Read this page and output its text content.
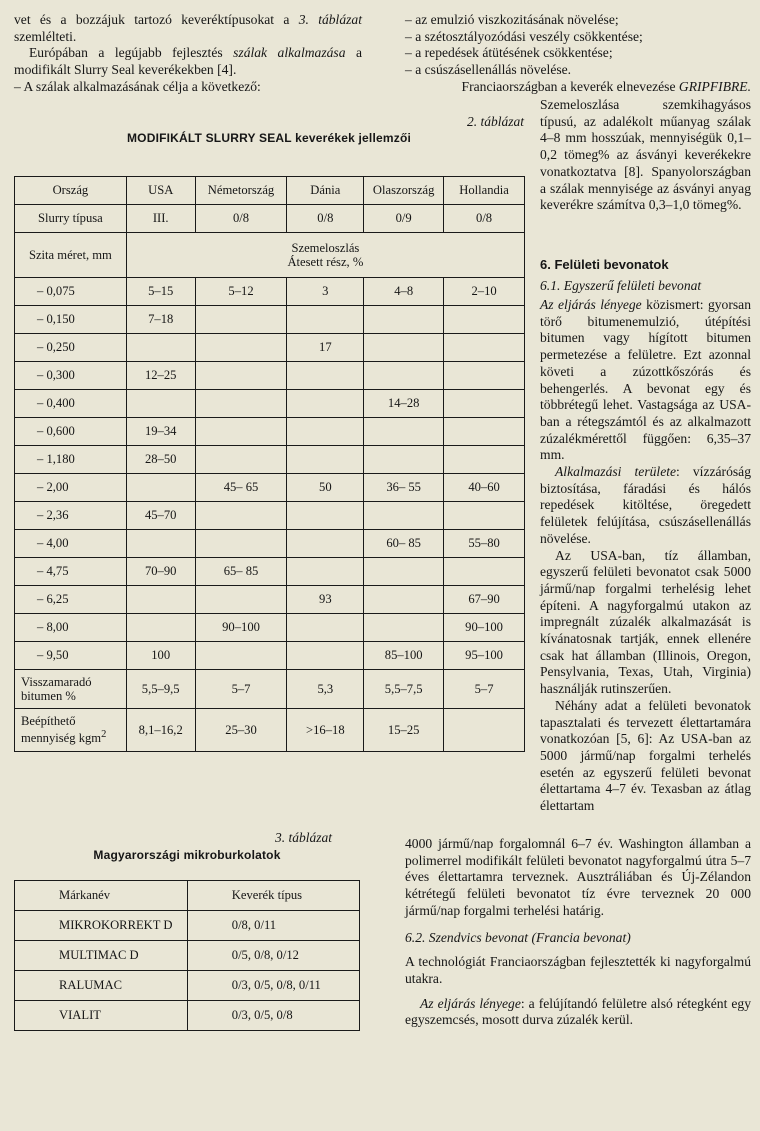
vet és a bozzájuk tartozó keveréktípusokat a 3. táblázat szemlélteti.

Európában a legújabb fejlesztés szálak alkalmazása a modifikált Slurry Seal keverékekben [4].

– A szálak alkalmazásának célja a következő:

– az emulzió viszkozitásának növelése;

– a szétosztályozódási veszély csökkentése;

– a repedések átütésének csökkentése;

– a csúszásellenállás növelése.

Franciaországban a keverék elnevezése GRIPFIBRE.

Szemeloszlása szemkihagyásos típusú, az adalékolt műanyag szálak 4–8 mm hosszúak, mennyiségük 0,1–0,2 tömeg% az ásványi keverékekre vonatkoztatva [8]. Spanyolországban a szálak mennyisége az ásványi anyag keverékre számítva 0,3–1,0 tömeg%.

2. táblázat
MODIFIKÁLT SLURRY SEAL keverékek jellemzői
Ország	USA	Németország	Dánia	Olaszország	Hollandia
Slurry típusa	III.	0/8	0/8	0/9	0/8
Szita méret, mm	Szemeloszlás
Átesett rész, %				

– 0,075	5–15	5–12	3	4–8	2–10
– 0,150	7–18				
– 0,250			17		
– 0,300	12–25				
– 0,400				14–28	
– 0,600	19–34				
– 1,180	28–50				
– 2,00		45– 65	50	36– 55	40–60
– 2,36	45–70				
– 4,00				60– 85	55–80
– 4,75	70–90	65– 85			
– 6,25			93		67–90
– 8,00		90–100			90–100
– 9,50	100			85–100	95–100

Visszamaradó
bitumen %	5,5–9,5	5–7	5,3	5,5–7,5	5–7

Beépíthető
mennyiség kgm$^2$	8,1–16,2	25–30	>16–18	15–25	
3. táblázat
Magyarországi mikroburkolatok
Márkanév	Keverék típus
MIKROKORREKT D	0/8, 0/11
MULTIMAC D	0/5, 0/8, 0/12
RALUMAC	0/3, 0/5, 0/8, 0/11
VIALIT	0/3, 0/5, 0/8
6. Felületi bevonatok
6.1. Egyszerű felületi bevonat

Az eljárás lényege közismert: gyorsan törő bitumenemulzió, útépítési bitumen vagy hígított bitumen permetezése a felületre. Ezt azonnal követi a zúzottkőszórás és behengerlés. A bevonat egy és többrétegű lehet. Vastagsága az USA-ban a rétegszámtól és az alkalmazott zúzalékmérettől függően: 6,35–37 mm.

Alkalmazási területe: vízzáróság biztosítása, fáradási és hálós repedések kitöltése, öregedett felületek felújítása, csúszásellenállás növelése.

Az USA-ban, tíz államban, egyszerű felületi bevonatot csak 5000 jármű/nap forgalmi terhelésig lehet építeni. A nagyforgalmú utakon az impregnált zúzalék alkalmazását is kívánatosnak tartják, ennek ellenére csak hat államban (Illinois, Oregon, Pensylvania, Texas, Utah, Virginia) használják rutinszerűen.

Néhány adat a felületi bevonatok tapasztalati és tervezett élettartamára vonatkozóan [5, 6]: Az USA-ban az 5000 jármű/nap forgalmi terhelés esetén az egyszerű felületi bevonat élettartama 4–7 év. Texasban az átlag élettartam

4000 jármű/nap forgalomnál 6–7 év. Washington államban a polimerrel modifikált felületi bevonatot nagyforgalmú útra 5–7 éves élettartamra terveznek. Ausztráliában és Új-Zélandon kétrétegű felületi bevonatot tíz évre terveznek 20 000 jármű/nap forgalmi terhelési határig.

6.2. Szendvics bevonat (Francia bevonat)

A technológiát Franciaországban fejlesztették ki nagyforgalmú utakra.

Az eljárás lényege: a felújítandó felületre alsó rétegként egy egyszemcsés, mosott durva zúzalék kerül.
